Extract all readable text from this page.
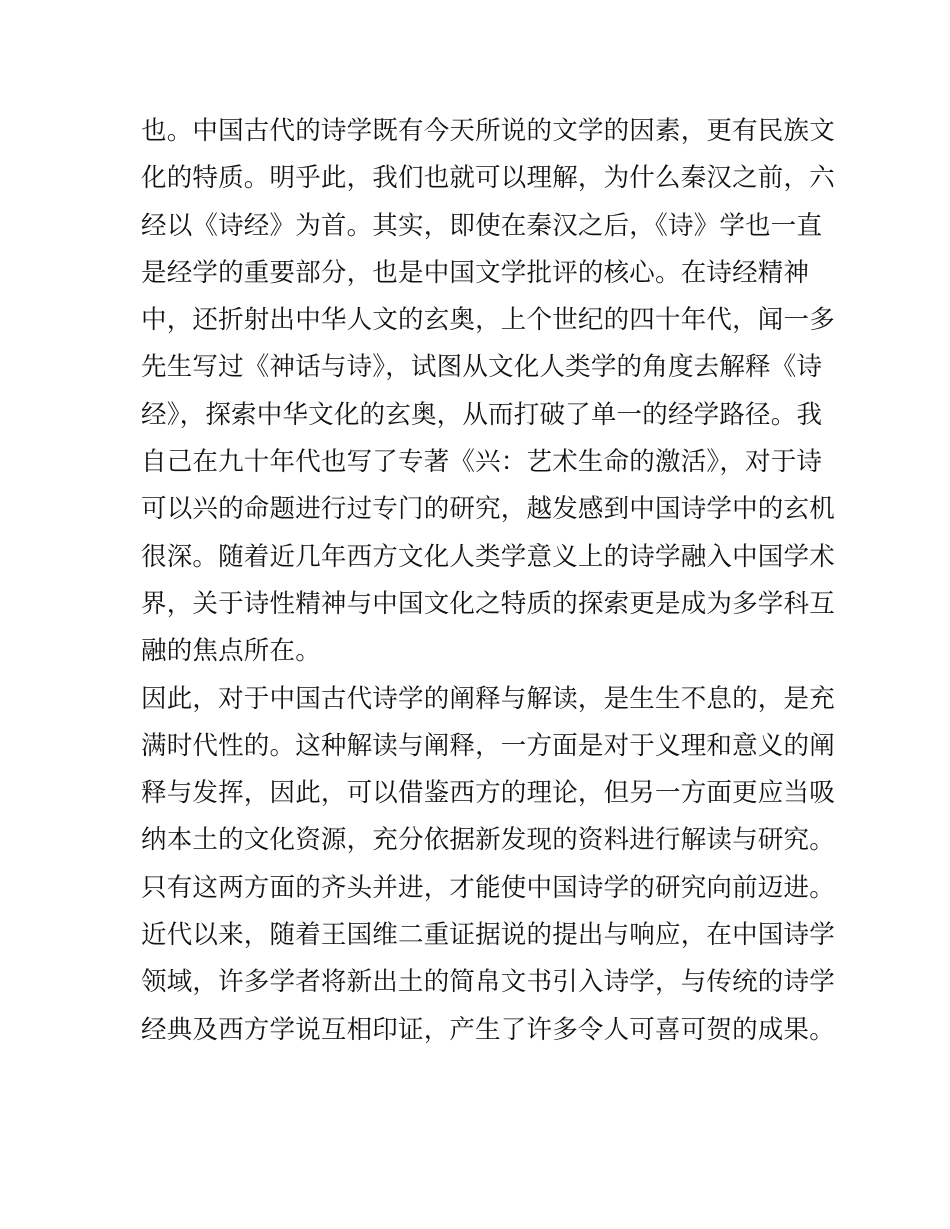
也。中国古代的诗学既有今天所说的文学的因素，更有民族文
化的特质。明乎此，我们也就可以理解，为什么秦汉之前，六
经以《诗经》为首。其实，即使在秦汉之后，《诗》学也一直
是经学的重要部分，也是中国文学批评的核心。在诗经精神
中，还折射出中华人文的玄奥，上个世纪的四十年代，闻一多
先生写过《神话与诗》，试图从文化人类学的角度去解释《诗
经》，探索中华文化的玄奥，从而打破了单一的经学路径。我
自己在九十年代也写了专著《兴：艺术生命的激活》，对于诗
可以兴的命题进行过专门的研究，越发感到中国诗学中的玄机
很深。随着近几年西方文化人类学意义上的诗学融入中国学术
界，关于诗性精神与中国文化之特质的探索更是成为多学科互
融的焦点所在。
因此，对于中国古代诗学的阐释与解读，是生生不息的，是充
满时代性的。这种解读与阐释，一方面是对于义理和意义的阐
释与发挥，因此，可以借鉴西方的理论，但另一方面更应当吸
纳本土的文化资源，充分依据新发现的资料进行解读与研究。
只有这两方面的齐头并进，才能使中国诗学的研究向前迈进。
近代以来，随着王国维二重证据说的提出与响应，在中国诗学
领域，许多学者将新出土的简帛文书引入诗学，与传统的诗学
经典及西方学说互相印证，产生了许多令人可喜可贺的成果。
